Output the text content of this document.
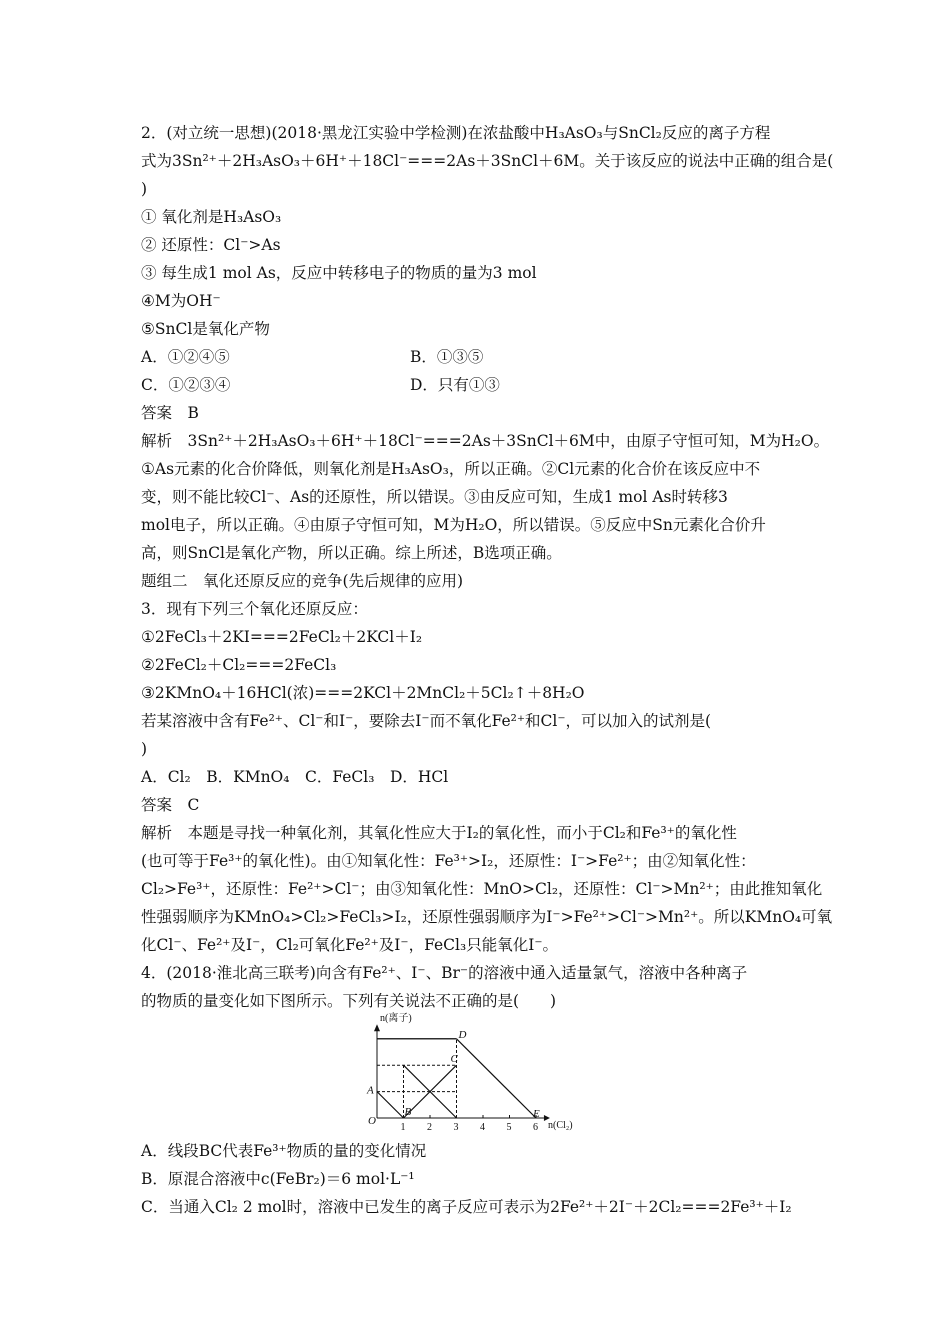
2．(对立统一思想)(2018·黑龙江实验中学检测)在浓盐酸中H₃AsO₃与SnCl₂反应的离子方程
式为3Sn²⁺＋2H₃AsO₃＋6H⁺＋18Cl⁻===2As＋3SnCl＋6M。关于该反应的说法中正确的组合是(
)
① 氧化剂是H₃AsO₃
② 还原性：Cl⁻>As
③ 每生成1 mol As，反应中转移电子的物质的量为3 mol
④M为OH⁻
⑤SnCl是氧化产物
A．①②④⑤	B．①③⑤
C．①②③④	D．只有①③
答案　B
解析　3Sn²⁺＋2H₃AsO₃＋6H⁺＋18Cl⁻===2As＋3SnCl＋6M中，由原子守恒可知，M为H₂O。
①As元素的化合价降低，则氧化剂是H₃AsO₃，所以正确。②Cl元素的化合价在该反应中不
变，则不能比较Cl⁻、As的还原性，所以错误。③由反应可知，生成1 mol As时转移3
mol电子，所以正确。④由原子守恒可知，M为H₂O，所以错误。⑤反应中Sn元素化合价升
高，则SnCl是氧化产物，所以正确。综上所述，B选项正确。
题组二　氧化还原反应的竞争(先后规律的应用)
3．现有下列三个氧化还原反应：
①2FeCl₃＋2KI===2FeCl₂＋2KCl＋I₂
②2FeCl₂＋Cl₂===2FeCl₃
③2KMnO₄＋16HCl(浓)===2KCl＋2MnCl₂＋5Cl₂↑＋8H₂O
若某溶液中含有Fe²⁺、Cl⁻和I⁻，要除去I⁻而不氧化Fe²⁺和Cl⁻，可以加入的试剂是(
)
A．Cl₂　B．KMnO₄　C．FeCl₃　D．HCl
答案　C
解析　本题是寻找一种氧化剂，其氧化性应大于I₂的氧化性，而小于Cl₂和Fe³⁺的氧化性
(也可等于Fe³⁺的氧化性)。由①知氧化性：Fe³⁺>I₂，还原性：I⁻>Fe²⁺；由②知氧化性：
Cl₂>Fe³⁺，还原性：Fe²⁺>Cl⁻；由③知氧化性：MnO>Cl₂，还原性：Cl⁻>Mn²⁺；由此推知氧化
性强弱顺序为KMnO₄>Cl₂>FeCl₃>I₂，还原性强弱顺序为I⁻>Fe²⁺>Cl⁻>Mn²⁺。所以KMnO₄可氧
化Cl⁻、Fe²⁺及I⁻，Cl₂可氧化Fe²⁺及I⁻，FeCl₃只能氧化I⁻。
4．(2018·淮北高三联考)向含有Fe²⁺、I⁻、Br⁻的溶液中通入适量氯气，溶液中各种离子
的物质的量变化如下图所示。下列有关说法不正确的是(　　)
n(离子)
n(Cl₂)
O
A
B
C
D
E
1 2 3 4 5 6
A．线段BC代表Fe³⁺物质的量的变化情况
B．原混合溶液中c(FeBr₂)＝6 mol·L⁻¹
C．当通入Cl₂ 2 mol时，溶液中已发生的离子反应可表示为2Fe²⁺＋2I⁻＋2Cl₂===2Fe³⁺＋I₂
